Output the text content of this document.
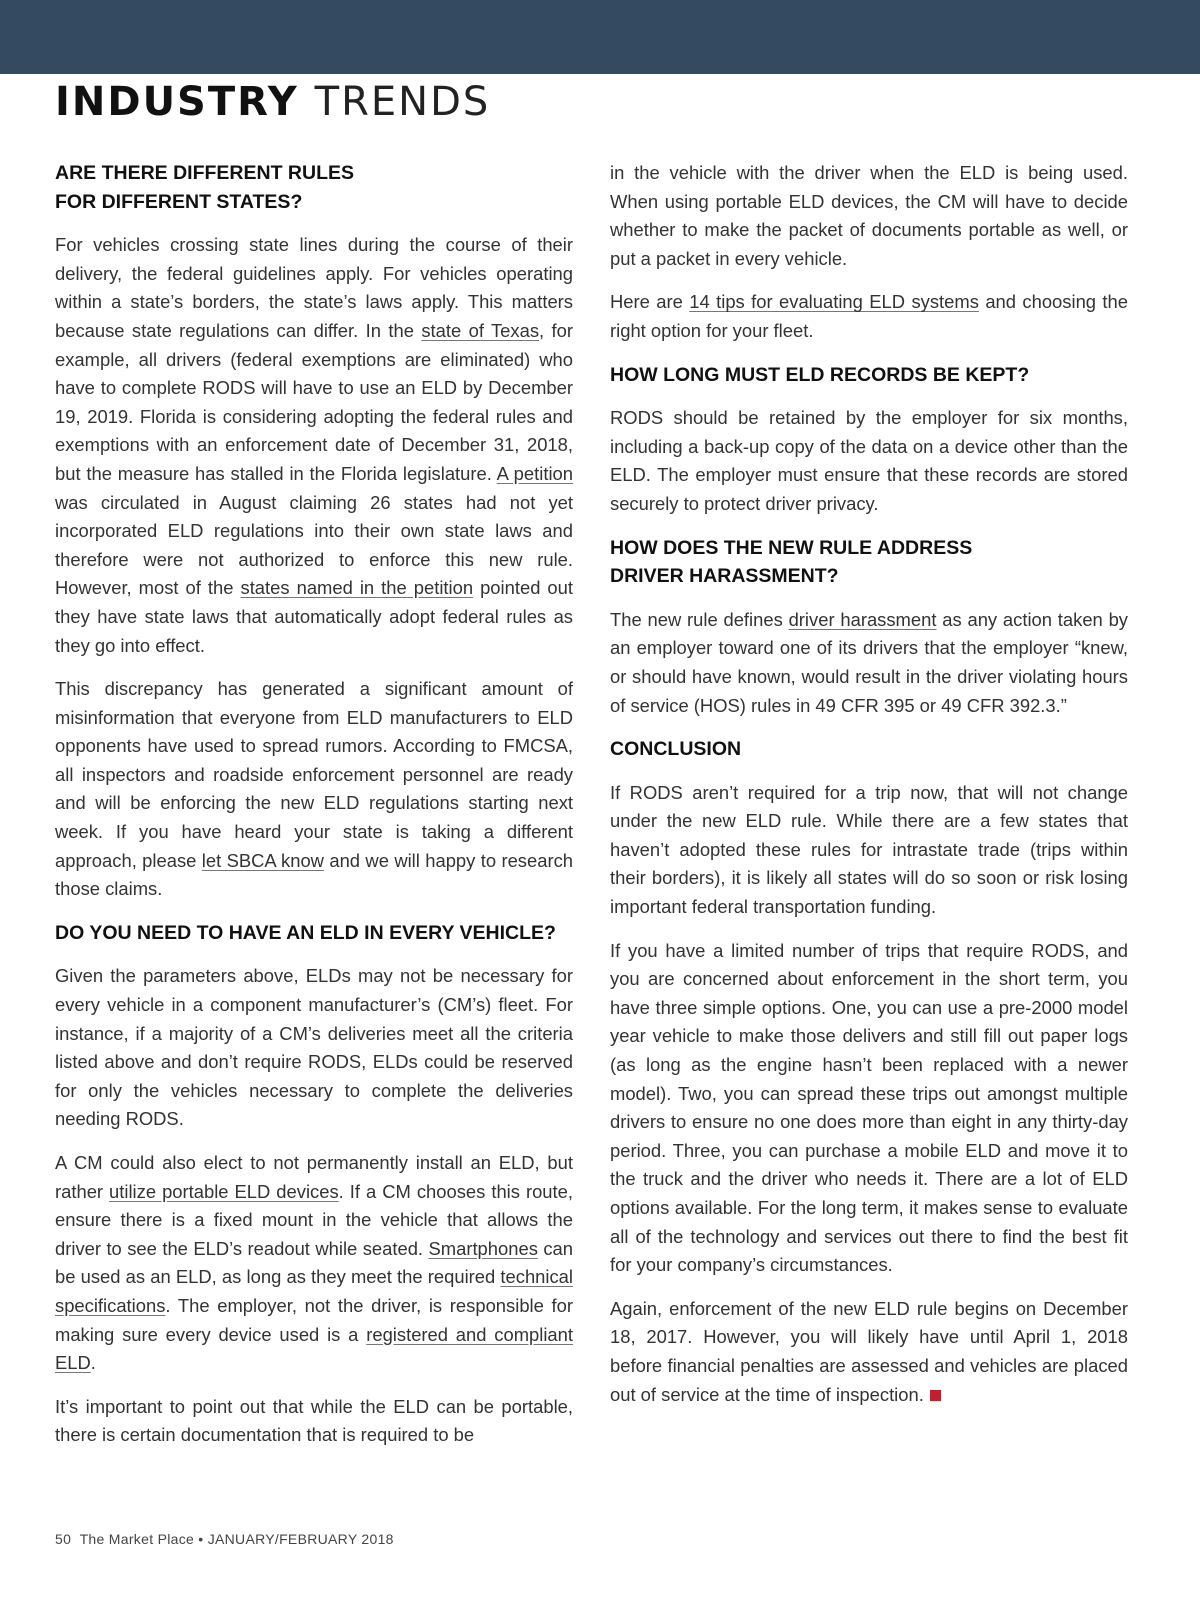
INDUSTRY TRENDS
ARE THERE DIFFERENT RULES
FOR DIFFERENT STATES?

For vehicles crossing state lines during the course of their delivery, the federal guidelines apply. For vehicles operating within a state’s borders, the state’s laws apply. This matters because state regulations can differ. In the state of Texas, for example, all drivers (federal exemptions are eliminated) who have to complete RODS will have to use an ELD by December 19, 2019. Florida is considering adopting the federal rules and exemptions with an enforcement date of December 31, 2018, but the measure has stalled in the Florida legislature. A petition was circulated in August claiming 26 states had not yet incorporated ELD regulations into their own state laws and therefore were not authorized to enforce this new rule. However, most of the states named in the petition pointed out they have state laws that automatically adopt federal rules as they go into effect.

This discrepancy has generated a significant amount of misinformation that everyone from ELD manufacturers to ELD opponents have used to spread rumors. According to FMCSA, all inspectors and roadside enforcement personnel are ready and will be enforcing the new ELD regulations starting next week. If you have heard your state is taking a different approach, please let SBCA know and we will happy to research those claims.

DO YOU NEED TO HAVE AN ELD IN EVERY VEHICLE?

Given the parameters above, ELDs may not be necessary for every vehicle in a component manufacturer’s (CM’s) fleet. For instance, if a majority of a CM’s deliveries meet all the criteria listed above and don’t require RODS, ELDs could be reserved for only the vehicles necessary to complete the deliveries needing RODS.

A CM could also elect to not permanently install an ELD, but rather utilize portable ELD devices. If a CM chooses this route, ensure there is a fixed mount in the vehicle that allows the driver to see the ELD’s readout while seated. Smartphones can be used as an ELD, as long as they meet the required technical specifications. The employer, not the driver, is responsible for making sure every device used is a registered and compliant ELD.

It’s important to point out that while the ELD can be portable, there is certain documentation that is required to be

in the vehicle with the driver when the ELD is being used. When using portable ELD devices, the CM will have to decide whether to make the packet of documents portable as well, or put a packet in every vehicle.

Here are 14 tips for evaluating ELD systems and choosing the right option for your fleet.

HOW LONG MUST ELD RECORDS BE KEPT?

RODS should be retained by the employer for six months, including a back-up copy of the data on a device other than the ELD. The employer must ensure that these records are stored securely to protect driver privacy.

HOW DOES THE NEW RULE ADDRESS
DRIVER HARASSMENT?

The new rule defines driver harassment as any action taken by an employer toward one of its drivers that the employer “knew, or should have known, would result in the driver violating hours of service (HOS) rules in 49 CFR 395 or 49 CFR 392.3.”

CONCLUSION

If RODS aren’t required for a trip now, that will not change under the new ELD rule. While there are a few states that haven’t adopted these rules for intrastate trade (trips within their borders), it is likely all states will do so soon or risk losing important federal transportation funding.

If you have a limited number of trips that require RODS, and you are concerned about enforcement in the short term, you have three simple options. One, you can use a pre-2000 model year vehicle to make those delivers and still fill out paper logs (as long as the engine hasn’t been replaced with a newer model). Two, you can spread these trips out amongst multiple drivers to ensure no one does more than eight in any thirty-day period. Three, you can purchase a mobile ELD and move it to the truck and the driver who needs it. There are a lot of ELD options available. For the long term, it makes sense to evaluate all of the technology and services out there to find the best fit for your company’s circumstances.

Again, enforcement of the new ELD rule begins on December 18, 2017. However, you will likely have until April 1, 2018 before financial penalties are assessed and vehicles are placed out of service at the time of inspection.

50 The Market Place • JANUARY/FEBRUARY 2018
